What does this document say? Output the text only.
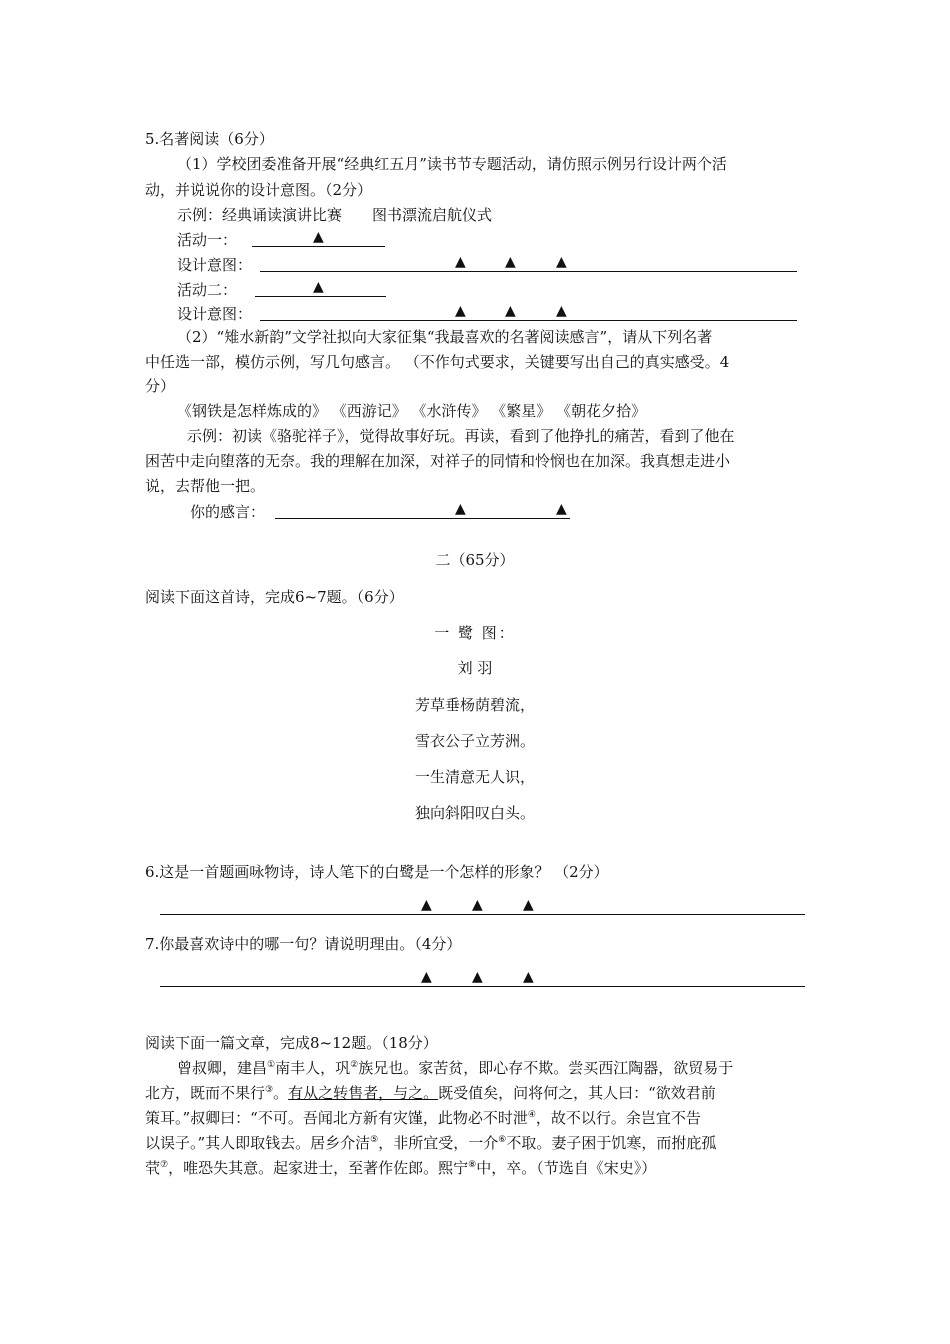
5.名著阅读（6分）
（1）学校团委准备开展“经典红五月”读书节专题活动，请仿照示例另行设计两个活
动，并说说你的设计意图。（2分）
示例：经典诵读演讲比赛　　图书漂流启航仪式
活动一：	▲
设计意图：	▲	▲	▲
活动二：	▲
设计意图：	▲	▲	▲
（2）“雉水新韵”文学社拟向大家征集“我最喜欢的名著阅读感言”，请从下列名著
中任选一部，模仿示例，写几句感言。 （不作句式要求，关键要写出自己的真实感受。4
分）
《钢铁是怎样炼成的》 《西游记》 《水浒传》 《繁星》 《朝花夕拾》
示例：初读《骆驼祥子》，觉得故事好玩。再读，看到了他挣扎的痛苦，看到了他在
困苦中走向堕落的无奈。我的理解在加深，对祥子的同情和怜悯也在加深。我真想走进小
说，去帮他一把。
你的感言：	▲	▲
二（65分）
阅读下面这首诗，完成6~7题。（6分）
一 鹭 图：
刘 羽
芳草垂杨荫碧流，
雪衣公子立芳洲。
一生清意无人识，
独向斜阳叹白头。
6.这是一首题画咏物诗，诗人笔下的白鹭是一个怎样的形象？ （2分）
▲	▲	▲
7.你最喜欢诗中的哪一句？请说明理由。（4分）
▲	▲	▲
阅读下面一篇文章，完成8~12题。（18分）
曾叔卿，建昌①南丰人，巩②族兄也。家苦贫，即心存不欺。尝买西江陶器，欲贸易于
北方，既而不果行③。有从之转售者，与之。既受值矣，问将何之，其人曰：“欲效君前
策耳。”叔卿曰：“不可。吾闻北方新有灾馑，此物必不时泄④，故不以行。余岂宜不告
以误子。”其人即取钱去。居乡介洁⑤，非所宜受，一介⑥不取。妻子困于饥寒，而拊庇孤
茕⑦，唯恐失其意。起家进士，至著作佐郎。熙宁⑧中，卒。（节选自《宋史》）
